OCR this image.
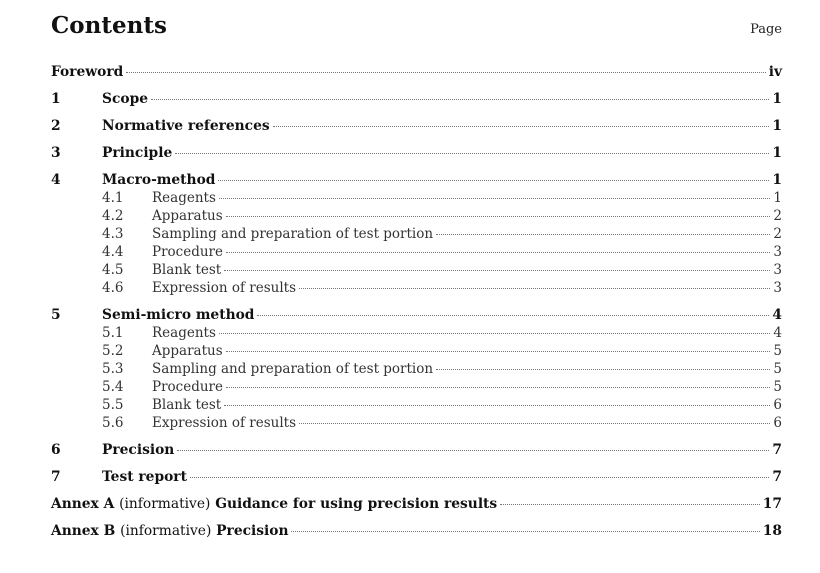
Contents	Page
Foreword	iv
1	Scope	1
2	Normative references	1
3	Principle	1
4	Macro-method	1
4.1	Reagents	1
4.2	Apparatus	2
4.3	Sampling and preparation of test portion	2
4.4	Procedure	3
4.5	Blank test	3
4.6	Expression of results	3
5	Semi-micro method	4
5.1	Reagents	4
5.2	Apparatus	5
5.3	Sampling and preparation of test portion	5
5.4	Procedure	5
5.5	Blank test	6
5.6	Expression of results	6
6	Precision	7
7	Test report	7
Annex A (informative) Guidance for using precision results	17
Annex B (informative) Precision	18
